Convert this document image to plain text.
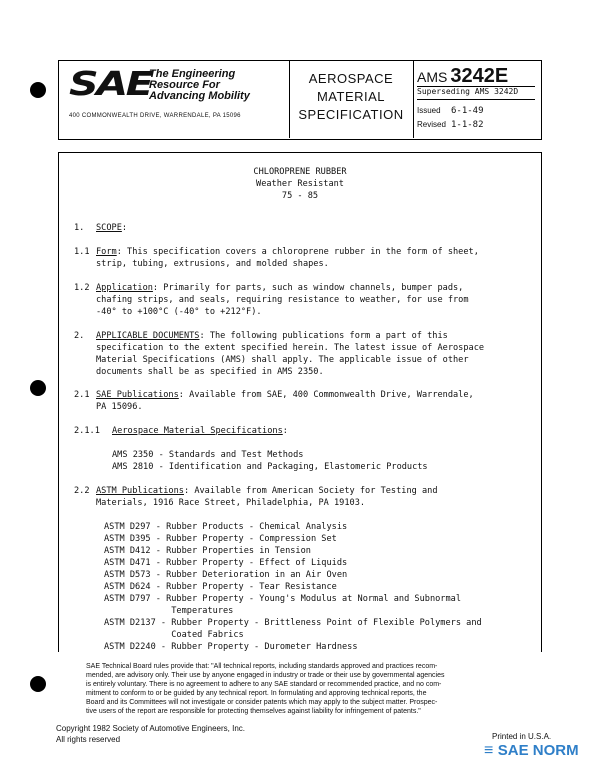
SAE
The Engineering
Resource For
Advancing Mobility
400 COMMONWEALTH DRIVE, WARRENDALE, PA 15096
AEROSPACE
MATERIAL
SPECIFICATION
AMS 3242E
Superseding AMS 3242D
Issued 6-1-49
Revised 1-1-82
CHLOROPRENE RUBBER
Weather Resistant
75 - 85
1. SCOPE:
1.1 Form: This specification covers a chloroprene rubber in the form of sheet,
strip, tubing, extrusions, and molded shapes.
1.2 Application: Primarily for parts, such as window channels, bumper pads,
chafing strips, and seals, requiring resistance to weather, for use from
-40° to +100°C (-40° to +212°F).
2. APPLICABLE DOCUMENTS: The following publications form a part of this
specification to the extent specified herein. The latest issue of Aerospace
Material Specifications (AMS) shall apply. The applicable issue of other
documents shall be as specified in AMS 2350.
2.1 SAE Publications: Available from SAE, 400 Commonwealth Drive, Warrendale,
PA 15096.
2.1.1 Aerospace Material Specifications:
AMS 2350 - Standards and Test Methods
AMS 2810 - Identification and Packaging, Elastomeric Products
2.2 ASTM Publications: Available from American Society for Testing and
Materials, 1916 Race Street, Philadelphia, PA 19103.
ASTM D297 - Rubber Products - Chemical Analysis
ASTM D395 - Rubber Property - Compression Set
ASTM D412 - Rubber Properties in Tension
ASTM D471 - Rubber Property - Effect of Liquids
ASTM D573 - Rubber Deterioration in an Air Oven
ASTM D624 - Rubber Property - Tear Resistance
ASTM D797 - Rubber Property - Young's Modulus at Normal and Subnormal
Temperatures
ASTM D2137 - Rubber Property - Brittleness Point of Flexible Polymers and
Coated Fabrics
ASTM D2240 - Rubber Property - Durometer Hardness
SAE Technical Board rules provide that: "All technical reports, including standards approved and practices recom-
mended, are advisory only. Their use by anyone engaged in industry or trade or their use by governmental agencies
is entirely voluntary. There is no agreement to adhere to any SAE standard or recommended practice, and no com-
mitment to conform to or be guided by any technical report. In formulating and approving technical reports, the
Board and its Committees will not investigate or consider patents which may apply to the subject matter. Prospec-
tive users of the report are responsible for protecting themselves against liability for infringement of patents."
Copyright 1982 Society of Automotive Engineers, Inc.
All rights reserved	Printed in U.S.A.
≡ SAE NORM
